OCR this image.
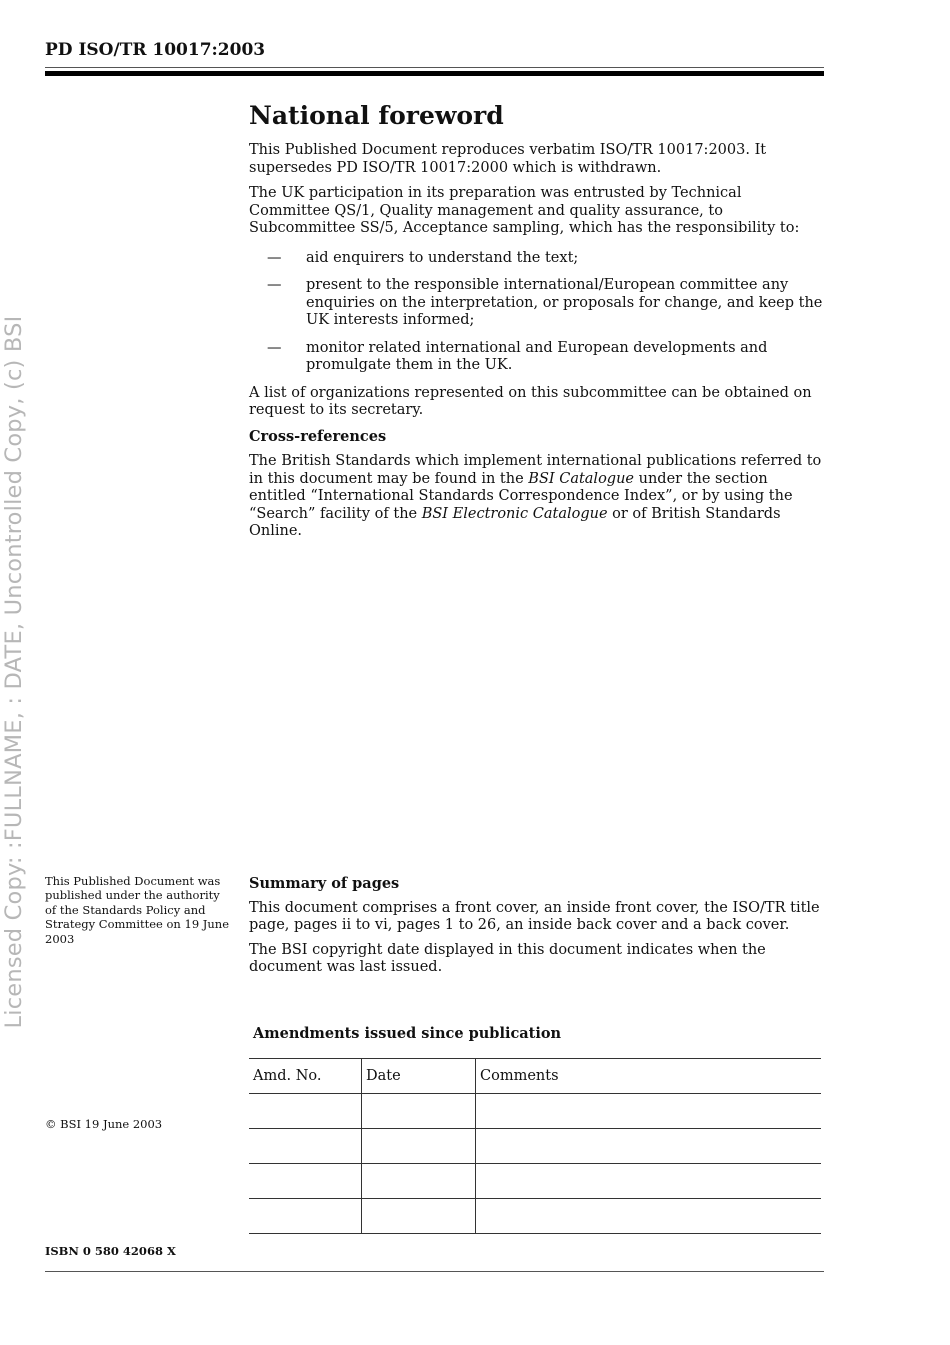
Licensed Copy: :FULLNAME, : DATE, Uncontrolled Copy, (c) BSI
PD ISO/TR 10017:2003
National foreword

This Published Document reproduces verbatim ISO/TR 10017:2003. It supersedes PD ISO/TR 10017:2000 which is withdrawn.

The UK participation in its preparation was entrusted by Technical Committee QS/1, Quality management and quality assurance, to Subcommittee SS/5, Acceptance sampling, which has the responsibility to:

— aid enquirers to understand the text;
— present to the responsible international/European committee any enquiries on the interpretation, or proposals for change, and keep the UK interests informed;
— monitor related international and European developments and promulgate them in the UK.

A list of organizations represented on this subcommittee can be obtained on request to its secretary.

Cross-references

The British Standards which implement international publications referred to in this document may be found in the BSI Catalogue under the section entitled “International Standards Correspondence Index”, or by using the “Search” facility of the BSI Electronic Catalogue or of British Standards Online.

This Published Document was published under the authority of the Standards Policy and Strategy Committee on 19 June 2003

Summary of pages

This document comprises a front cover, an inside front cover, the ISO/TR title page, pages ii to vi, pages 1 to 26, an inside back cover and a back cover.

The BSI copyright date displayed in this document indicates when the document was last issued.

Amendments issued since publication
Amd. No.	Date	Comments

© BSI 19 June 2003
ISBN 0 580 42068 X
